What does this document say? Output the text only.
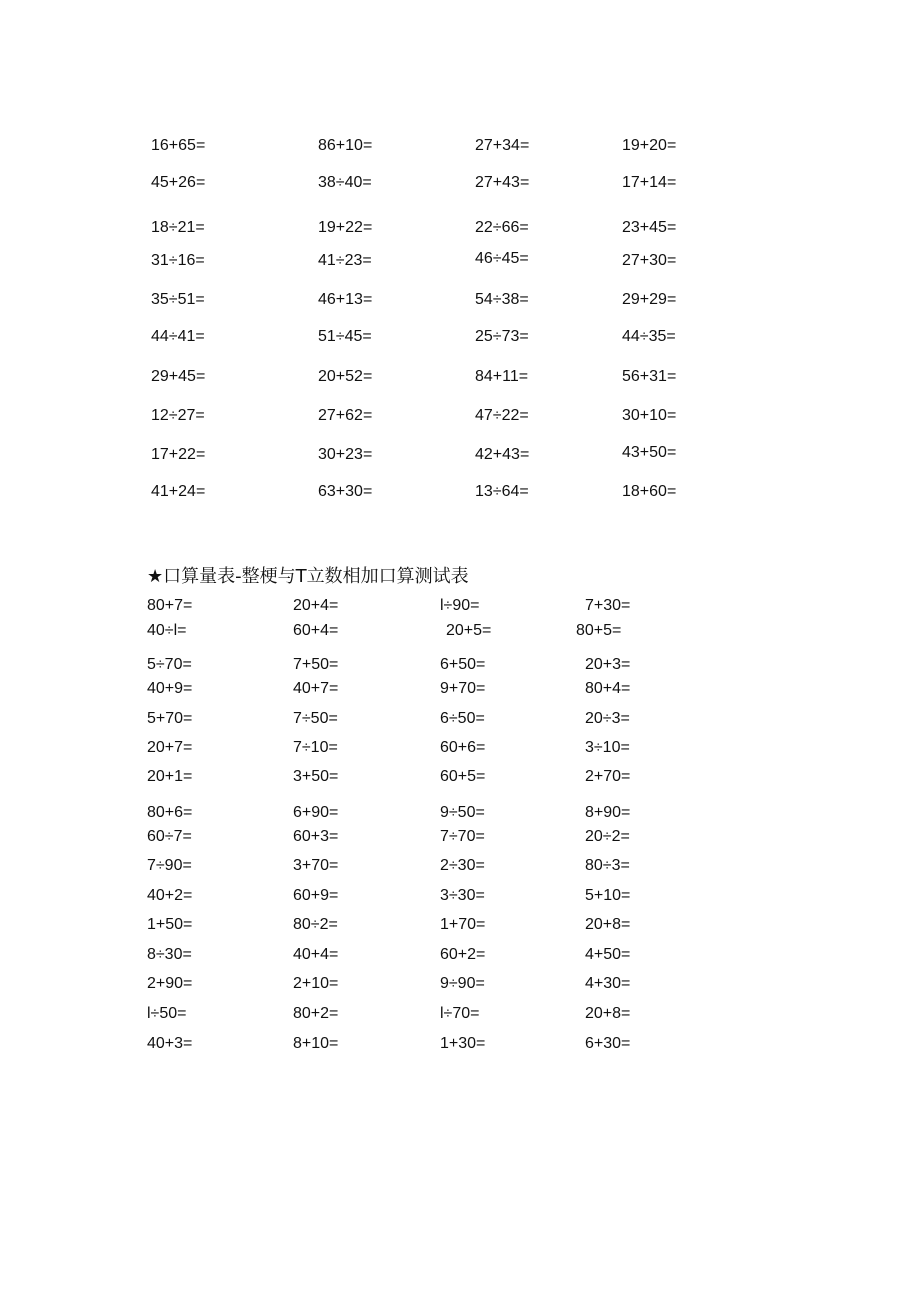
16+65=	86+10=	27+34=	19+20=
45+26=	38÷40=	27+43=	17+14=
18÷21=	19+22=	22÷66=	23+45=
31÷16=	41÷23=	46÷45=	27+30=
35÷51=	46+13=	54÷38=	29+29=
44÷41=	51÷45=	25÷73=	44÷35=
29+45=	20+52=	84+11=	56+31=
12÷27=	27+62=	47÷22=	30+10=
17+22=	30+23=	42+43=	43+50=
41+24=	63+30=	13÷64=	18+60=
★口算量表-整梗与T立数相加口算测试表
80+7=	20+4=	l÷90=	7+30=
40÷l=	60+4=	20+5=	80+5=
5÷70=	7+50=	6+50=	20+3=
40+9=	40+7=	9+70=	80+4=
5+70=	7÷50=	6÷50=	20÷3=
20+7=	7÷10=	60+6=	3÷10=
20+1=	3+50=	60+5=	2+70=
80+6=	6+90=	9÷50=	8+90=
60÷7=	60+3=	7÷70=	20÷2=
7÷90=	3+70=	2÷30=	80÷3=
40+2=	60+9=	3÷30=	5+10=
1+50=	80÷2=	1+70=	20+8=
8÷30=	40+4=	60+2=	4+50=
2+90=	2+10=	9÷90=	4+30=
l÷50=	80+2=	l÷70=	20+8=
40+3=	8+10=	1+30=	6+30=
